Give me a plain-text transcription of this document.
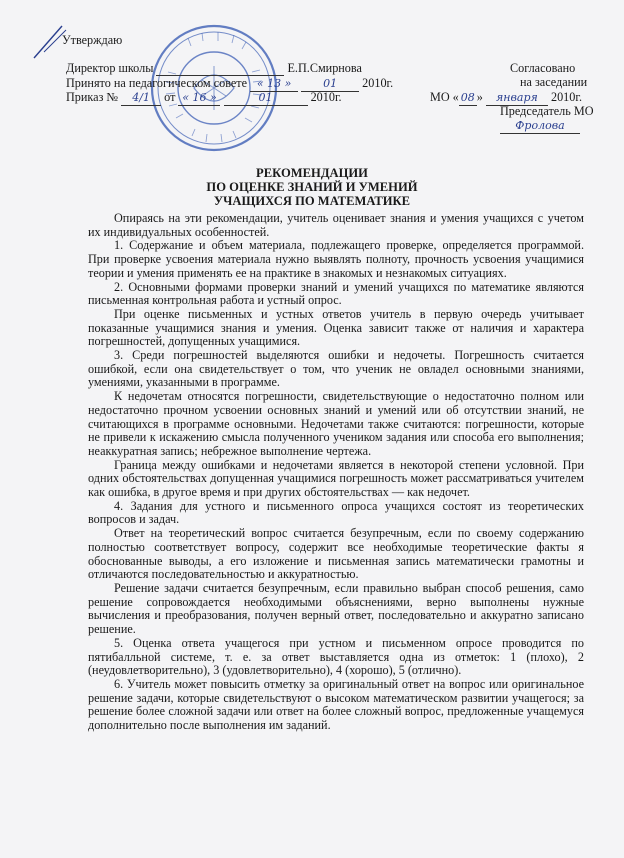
Утверждаю
Директор школы	Е.П.Смирнова
Принято на педагогическом совете « 13 »	01 2010г.
Приказ № 4/1 от « 16 »	01	2010г.
Согласовано
на заседании
МО « 08 » января 2010г.
Председатель МО
Фролова
РЕКОМЕНДАЦИИ
ПО ОЦЕНКЕ ЗНАНИЙ И УМЕНИЙ
УЧАЩИХСЯ ПО МАТЕМАТИКЕ

Опираясь на эти рекомендации, учитель оценивает знания и умения учащихся с учетом их индивидуальных особенностей.

1. Содержание и объем материала, подлежащего проверке, определяется программой. При проверке усвоения материала нужно выявлять полноту, прочность усвоения учащимися теории и умения применять ее на практике в знакомых и незнакомых ситуациях.

2. Основными формами проверки знаний и умений учащихся по математике являются письменная контрольная работа и устный опрос.

При оценке письменных и устных ответов учитель в первую очередь учитывает показанные учащимися знания и умения. Оценка зависит также от наличия и характера погрешностей, допущенных учащимися.

3. Среди погрешностей выделяются ошибки и недочеты. Погрешность считается ошибкой, если она свидетельствует о том, что ученик не овладел основными знаниями, умениями, указанными в программе.

К недочетам относятся погрешности, свидетельствующие о недостаточно полном или недостаточно прочном усвоении основных знаний и умений или об отсутствии знаний, не считающихся в программе основными. Недочетами также считаются: погрешности, которые не привели к искажению смысла полученного учеником задания или способа его выполнения; неаккуратная запись; небрежное выполнение чертежа.

Граница между ошибками и недочетами является в некоторой степени условной. При одних обстоятельствах допущенная учащимися погрешность может рассматриваться учителем как ошибка, в другое время и при других обстоятельствах — как недочет.

4. Задания для устного и письменного опроса учащихся состоят из теоретических вопросов и задач.

Ответ на теоретический вопрос считается безупречным, если по своему содержанию полностью соответствует вопросу, содержит все необходимые теоретические факты я обоснованные выводы, а его изложение и письменная запись математически грамотны и отличаются последовательностью и аккуратностью.

Решение задачи считается безупречным, если правильно выбран способ решения, само решение сопровождается необходимыми объяснениями, верно выполнены нужные вычисления и преобразования, получен верный ответ, последовательно и аккуратно записано решение.

5. Оценка ответа учащегося при устном и письменном опросе проводится по пятибалльной системе, т. е. за ответ выставляется одна из отметок: 1 (плохо), 2 (неудовлетворительно), 3 (удовлетворительно), 4 (хорошо), 5 (отлично).

6. Учитель может повысить отметку за оригинальный ответ на вопрос или оригинальное решение задачи, которые свидетельствуют о высоком математическом развитии учащегося; за решение более сложной задачи или ответ на более сложный вопрос, предложенные учащемуся дополнительно после выполнения им заданий.
